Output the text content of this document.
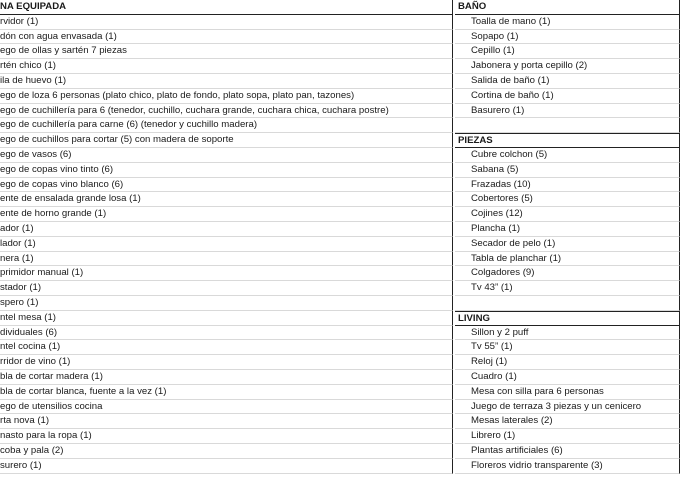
NA EQUIPADA
rvidor (1)
dón con agua envasada (1)
ego de ollas y sartén 7 piezas
rtén chico (1)
ila de huevo (1)
ego de loza 6 personas (plato chico, plato de fondo, plato sopa, plato pan, tazones)
ego de cuchillería para 6 (tenedor, cuchillo, cuchara grande, cuchara chica, cuchara postre)
ego de cuchillería para carne (6) (tenedor y cuchillo madera)
ego de cuchillos para cortar (5) con madera de soporte
ego de vasos (6)
ego de copas vino tinto (6)
ego de copas vino blanco (6)
ente de ensalada grande losa (1)
ente de horno grande (1)
ador (1)
lador (1)
nera (1)
primidor manual (1)
stador (1)
spero (1)
ntel mesa (1)
dividuales (6)
ntel cocina (1)
rridor de vino (1)
bla de cortar madera (1)
bla de cortar blanca, fuente a la vez (1)
ego de utensilios cocina
rta nova (1)
nasto para la ropa (1)
coba y pala (2)
surero (1)
BAÑO
Toalla de mano (1)
Sopapo (1)
Cepillo (1)
Jabonera y porta cepillo (2)
Salida de baño (1)
Cortina de baño (1)
Basurero (1)
PIEZAS
Cubre colchon (5)
Sabana (5)
Frazadas (10)
Cobertores (5)
Cojines (12)
Plancha (1)
Secador de pelo (1)
Tabla de planchar (1)
Colgadores (9)
Tv 43” (1)
LIVING
Sillon y 2 puff
Tv 55” (1)
Reloj (1)
Cuadro (1)
Mesa con silla para 6 personas
Juego de terraza 3 piezas y un cenicero
Mesas laterales (2)
Librero (1)
Plantas artificiales (6)
Floreros vidrio transparente (3)
